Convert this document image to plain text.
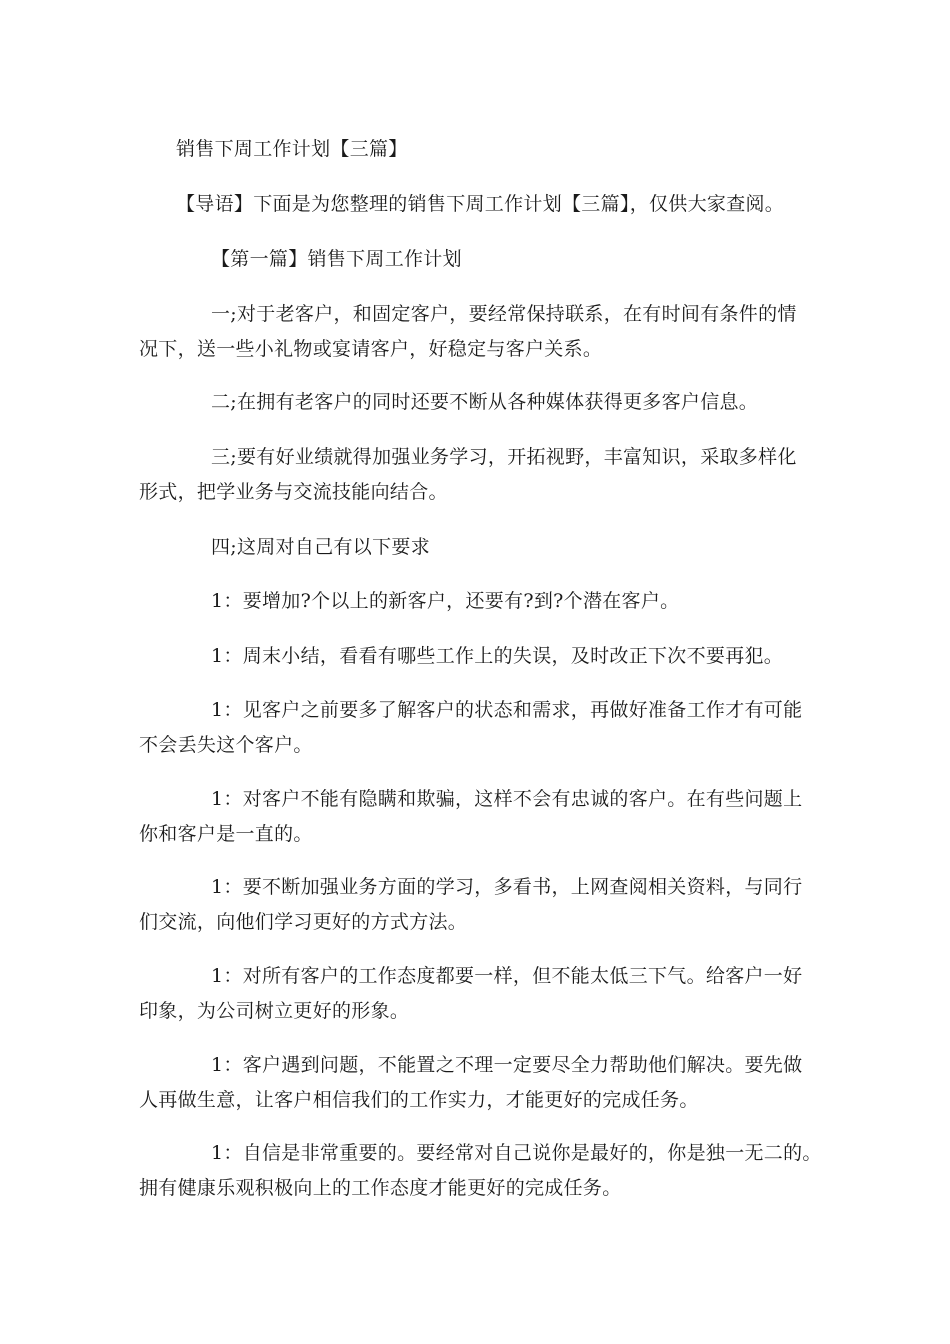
销售下周工作计划【三篇】
【导语】下面是为您整理的销售下周工作计划【三篇】，仅供大家查阅。
【第一篇】销售下周工作计划
一;对于老客户，和固定客户，要经常保持联系，在有时间有条件的情
况下，送一些小礼物或宴请客户，好稳定与客户关系。
二;在拥有老客户的同时还要不断从各种媒体获得更多客户信息。
三;要有好业绩就得加强业务学习，开拓视野，丰富知识，采取多样化
形式，把学业务与交流技能向结合。
四;这周对自己有以下要求
1：要增加?个以上的新客户，还要有?到?个潜在客户。
1：周末小结，看看有哪些工作上的失误，及时改正下次不要再犯。
1：见客户之前要多了解客户的状态和需求，再做好准备工作才有可能
不会丢失这个客户。
1：对客户不能有隐瞒和欺骗，这样不会有忠诚的客户。在有些问题上
你和客户是一直的。
1：要不断加强业务方面的学习，多看书，上网查阅相关资料，与同行
们交流，向他们学习更好的方式方法。
1：对所有客户的工作态度都要一样，但不能太低三下气。给客户一好
印象，为公司树立更好的形象。
1：客户遇到问题，不能置之不理一定要尽全力帮助他们解决。要先做
人再做生意，让客户相信我们的工作实力，才能更好的完成任务。
1：自信是非常重要的。要经常对自己说你是最好的，你是独一无二的。
拥有健康乐观积极向上的工作态度才能更好的完成任务。
